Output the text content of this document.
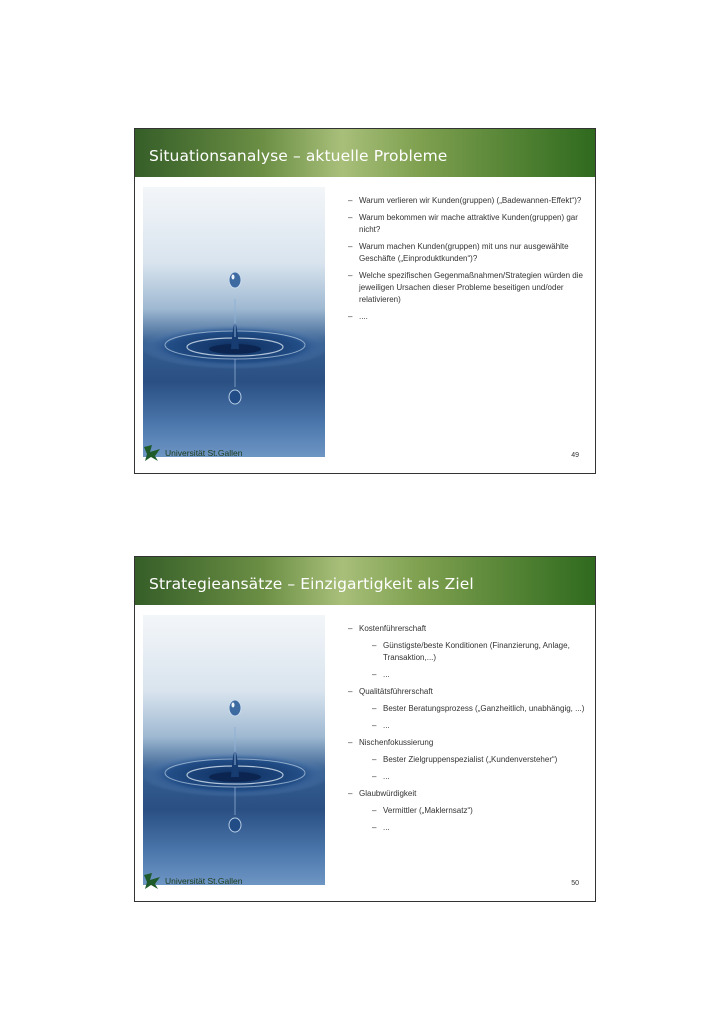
Situationsanalyse – aktuelle Probleme
– Warum verlieren wir Kunden(gruppen) („Badewannen-Effekt“)?
– Warum bekommen wir mache attraktive Kunden(gruppen) gar nicht?
– Warum machen Kunden(gruppen) mit uns nur ausgewählte Geschäfte („Einproduktkunden“)?
– Welche spezifischen Gegenmaßnahmen/Strategien würden die jeweiligen Ursachen dieser Probleme beseitigen und/oder relativieren)
– ....
Universität St.Gallen	49
Strategieansätze – Einzigartigkeit als Ziel
– Kostenführerschaft
– Günstigste/beste Konditionen (Finanzierung, Anlage, Transaktion,...)
– ...
– Qualitätsführerschaft
– Bester Beratungsprozess („Ganzheitlich, unabhängig, ...)
– ...
– Nischenfokussierung
– Bester Zielgruppenspezialist („Kundenversteher“)
– ...
– Glaubwürdigkeit
– Vermittler („Maklernsatz“)
– ...
Universität St.Gallen	50
